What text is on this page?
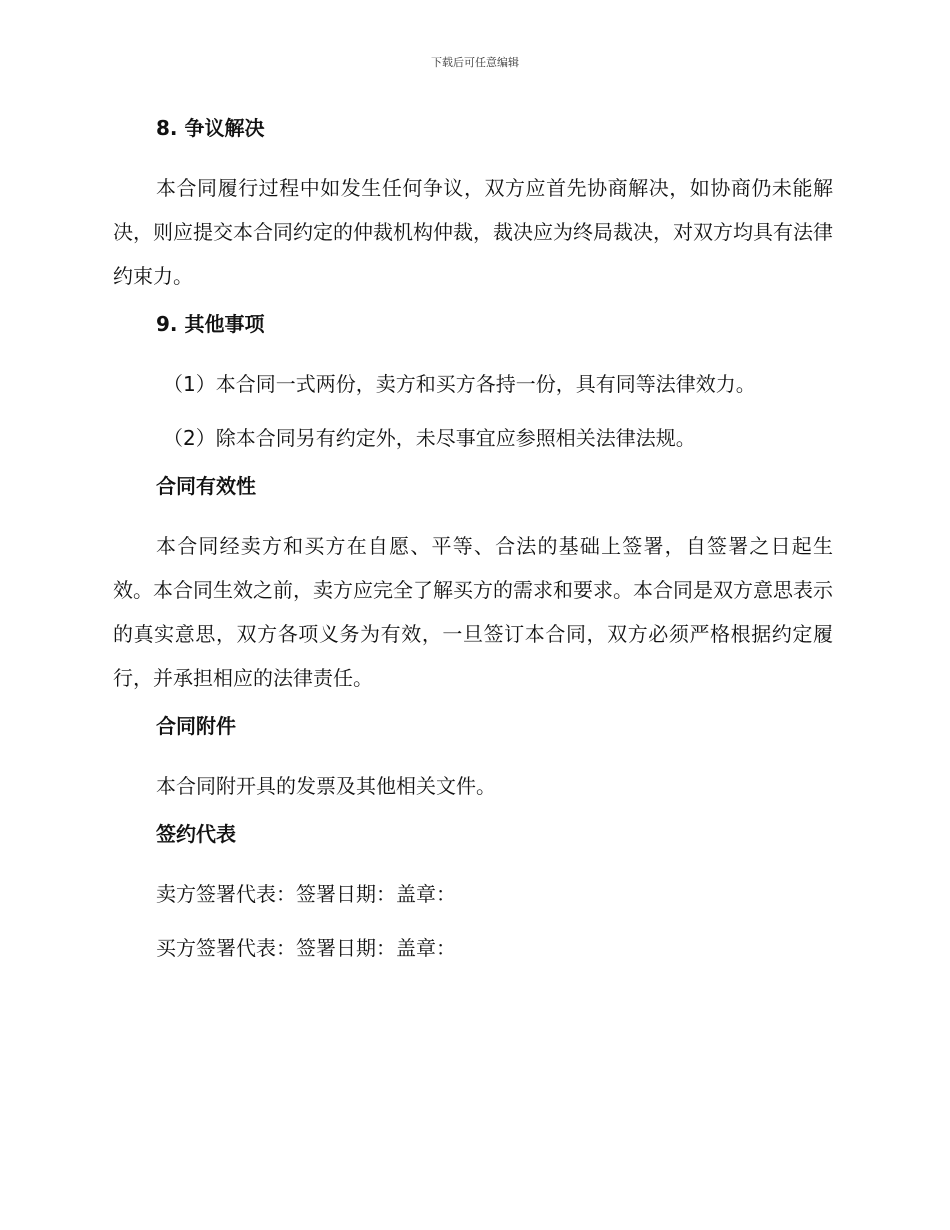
下载后可任意编辑
8. 争议解决

本合同履行过程中如发生任何争议，双方应首先协商解决，如协商仍未能解决，则应提交本合同约定的仲裁机构仲裁，裁决应为终局裁决，对双方均具有法律约束力。

9. 其他事项

（1）本合同一式两份，卖方和买方各持一份，具有同等法律效力。

（2）除本合同另有约定外，未尽事宜应参照相关法律法规。

合同有效性

本合同经卖方和买方在自愿、平等、合法的基础上签署，自签署之日起生效。本合同生效之前，卖方应完全了解买方的需求和要求。本合同是双方意思表示的真实意思，双方各项义务为有效，一旦签订本合同，双方必须严格根据约定履行，并承担相应的法律责任。

合同附件

本合同附开具的发票及其他相关文件。

签约代表
卖方签署代表：签署日期：盖章：
买方签署代表：签署日期：盖章：
